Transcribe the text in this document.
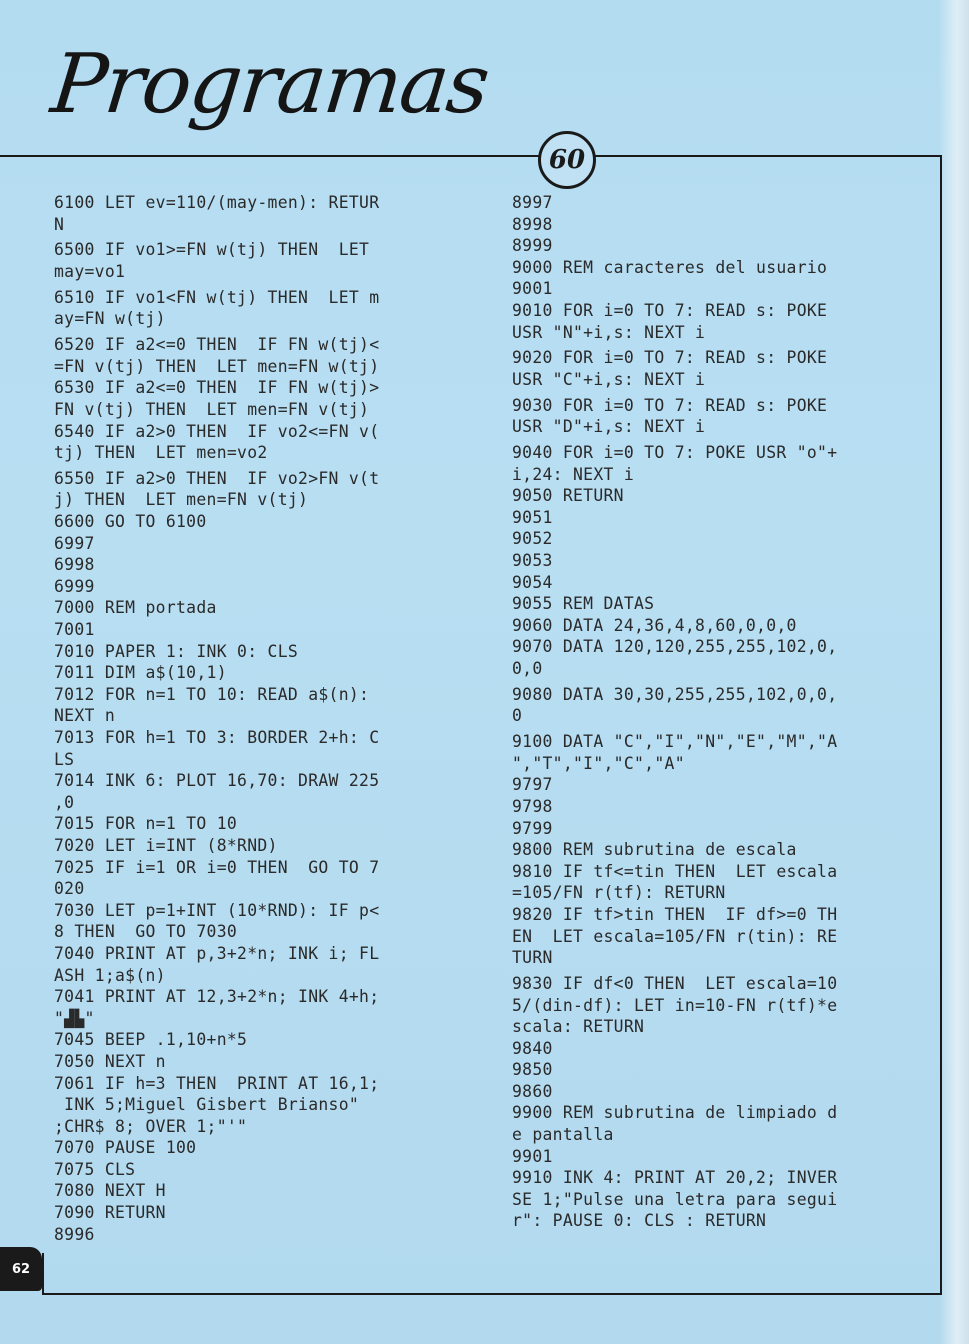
Programas
60
6100 LET ev=110/(may-men): RETUR
N
6500 IF vo1>=FN w(tj) THEN  LET
may=vo1
6510 IF vo1<FN w(tj) THEN  LET m
ay=FN w(tj)
6520 IF a2<=0 THEN  IF FN w(tj)<
=FN v(tj) THEN  LET men=FN w(tj)
6530 IF a2<=0 THEN  IF FN w(tj)>
FN v(tj) THEN  LET men=FN v(tj)
6540 IF a2>0 THEN  IF vo2<=FN v(
tj) THEN  LET men=vo2
6550 IF a2>0 THEN  IF vo2>FN v(t
j) THEN  LET men=FN v(tj)
6600 GO TO 6100
6997
6998
6999
7000 REM portada
7001
7010 PAPER 1: INK 0: CLS
7011 DIM a$(10,1)
7012 FOR n=1 TO 10: READ a$(n):
NEXT n
7013 FOR h=1 TO 3: BORDER 2+h: C
LS
7014 INK 6: PLOT 16,70: DRAW 225
,0
7015 FOR n=1 TO 10
7020 LET i=INT (8*RND)
7025 IF i=1 OR i=0 THEN  GO TO 7
020
7030 LET p=1+INT (10*RND): IF p<
8 THEN  GO TO 7030
7040 PRINT AT p,3+2*n; INK i; FL
ASH 1;a$(n)
7041 PRINT AT 12,3+2*n; INK 4+h;
"▟▙"
7045 BEEP .1,10+n*5
7050 NEXT n
7061 IF h=3 THEN  PRINT AT 16,1;
INK 5;Miguel Gisbert Brianso"
;CHR$ 8; OVER 1;"'"
7070 PAUSE 100
7075 CLS
7080 NEXT H
7090 RETURN
8996
8997
8998
8999
9000 REM caracteres del usuario
9001
9010 FOR i=0 TO 7: READ s: POKE
USR "N"+i,s: NEXT i
9020 FOR i=0 TO 7: READ s: POKE
USR "C"+i,s: NEXT i
9030 FOR i=0 TO 7: READ s: POKE
USR "D"+i,s: NEXT i
9040 FOR i=0 TO 7: POKE USR "o"+
i,24: NEXT i
9050 RETURN
9051
9052
9053
9054
9055 REM DATAS
9060 DATA 24,36,4,8,60,0,0,0
9070 DATA 120,120,255,255,102,0,
0,0
9080 DATA 30,30,255,255,102,0,0,
0
9100 DATA "C","I","N","E","M","A
","T","I","C","A"
9797
9798
9799
9800 REM subrutina de escala
9810 IF tf<=tin THEN  LET escala
=105/FN r(tf): RETURN
9820 IF tf>tin THEN  IF df>=0 TH
EN  LET escala=105/FN r(tin): RE
TURN
9830 IF df<0 THEN  LET escala=10
5/(din-df): LET in=10-FN r(tf)*e
scala: RETURN
9840
9850
9860
9900 REM subrutina de limpiado d
e pantalla
9901
9910 INK 4: PRINT AT 20,2; INVER
SE 1;"Pulse una letra para segui
r": PAUSE 0: CLS : RETURN
62
